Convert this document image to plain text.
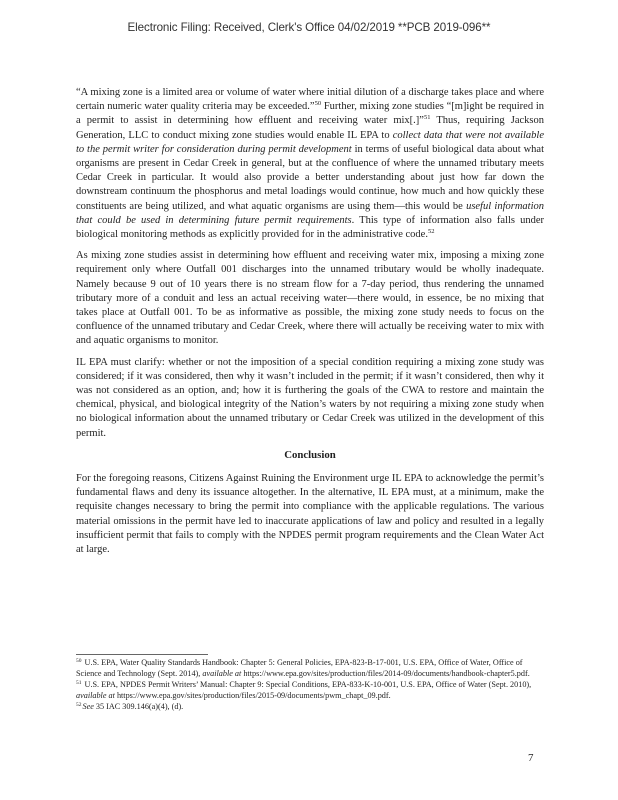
Electronic Filing: Received, Clerk's Office 04/02/2019 **PCB 2019-096**

“A mixing zone is a limited area or volume of water where initial dilution of a discharge takes place and where certain numeric water quality criteria may be exceeded.”$^{50}$ Further, mixing zone studies “[m]ight be required in a permit to assist in determining how effluent and receiving water mix[.]”$^{51}$ Thus, requiring Jackson Generation, LLC to conduct mixing zone studies would enable IL EPA to collect data that were not available to the permit writer for consideration during permit development in terms of useful biological data about what organisms are present in Cedar Creek in general, but at the confluence of where the unnamed tributary meets Cedar Creek in particular. It would also provide a better understanding about just how far down the downstream continuum the phosphorus and metal loadings would continue, how much and how quickly these constituents are being utilized, and what aquatic organisms are using them—this would be useful information that could be used in determining future permit requirements. This type of information also falls under biological monitoring methods as explicitly provided for in the administrative code.$^{52}$

As mixing zone studies assist in determining how effluent and receiving water mix, imposing a mixing zone requirement only where Outfall 001 discharges into the unnamed tributary would be wholly inadequate. Namely because 9 out of 10 years there is no stream flow for a 7-day period, thus rendering the unnamed tributary more of a conduit and less an actual receiving water—there would, in essence, be no mixing that takes place at Outfall 001. To be as informative as possible, the mixing zone study needs to focus on the confluence of the unnamed tributary and Cedar Creek, where there will actually be receiving water to mix with and aquatic organisms to monitor.

IL EPA must clarify: whether or not the imposition of a special condition requiring a mixing zone study was considered; if it was considered, then why it wasn’t included in the permit; if it wasn’t considered, then why it was not considered as an option, and; how it is furthering the goals of the CWA to restore and maintain the chemical, physical, and biological integrity of the Nation’s waters by not requiring a mixing zone study when no biological information about the unnamed tributary or Cedar Creek was utilized in the development of this permit.

Conclusion

For the foregoing reasons, Citizens Against Ruining the Environment urge IL EPA to acknowledge the permit’s fundamental flaws and deny its issuance altogether. In the alternative, IL EPA must, at a minimum, make the requisite changes necessary to bring the permit into compliance with the applicable regulations. The various material omissions in the permit have led to inaccurate applications of law and policy and resulted in a legally insufficient permit that fails to comply with the NPDES permit program requirements and the Clean Water Act at large.

$^{50}$ U.S. EPA, Water Quality Standards Handbook: Chapter 5: General Policies, EPA-823-B-17-001, U.S. EPA, Office of Water, Office of Science and Technology (Sept. 2014), available at https://www.epa.gov/sites/production/files/2014-09/documents/handbook-chapter5.pdf.
$^{51}$ U.S. EPA, NPDES Permit Writers’ Manual: Chapter 9: Special Conditions, EPA-833-K-10-001, U.S. EPA, Office of Water (Sept. 2010), available at https://www.epa.gov/sites/production/files/2015-09/documents/pwm_chapt_09.pdf.
$^{52}$See 35 IAC 309.146(a)(4), (d).
7
